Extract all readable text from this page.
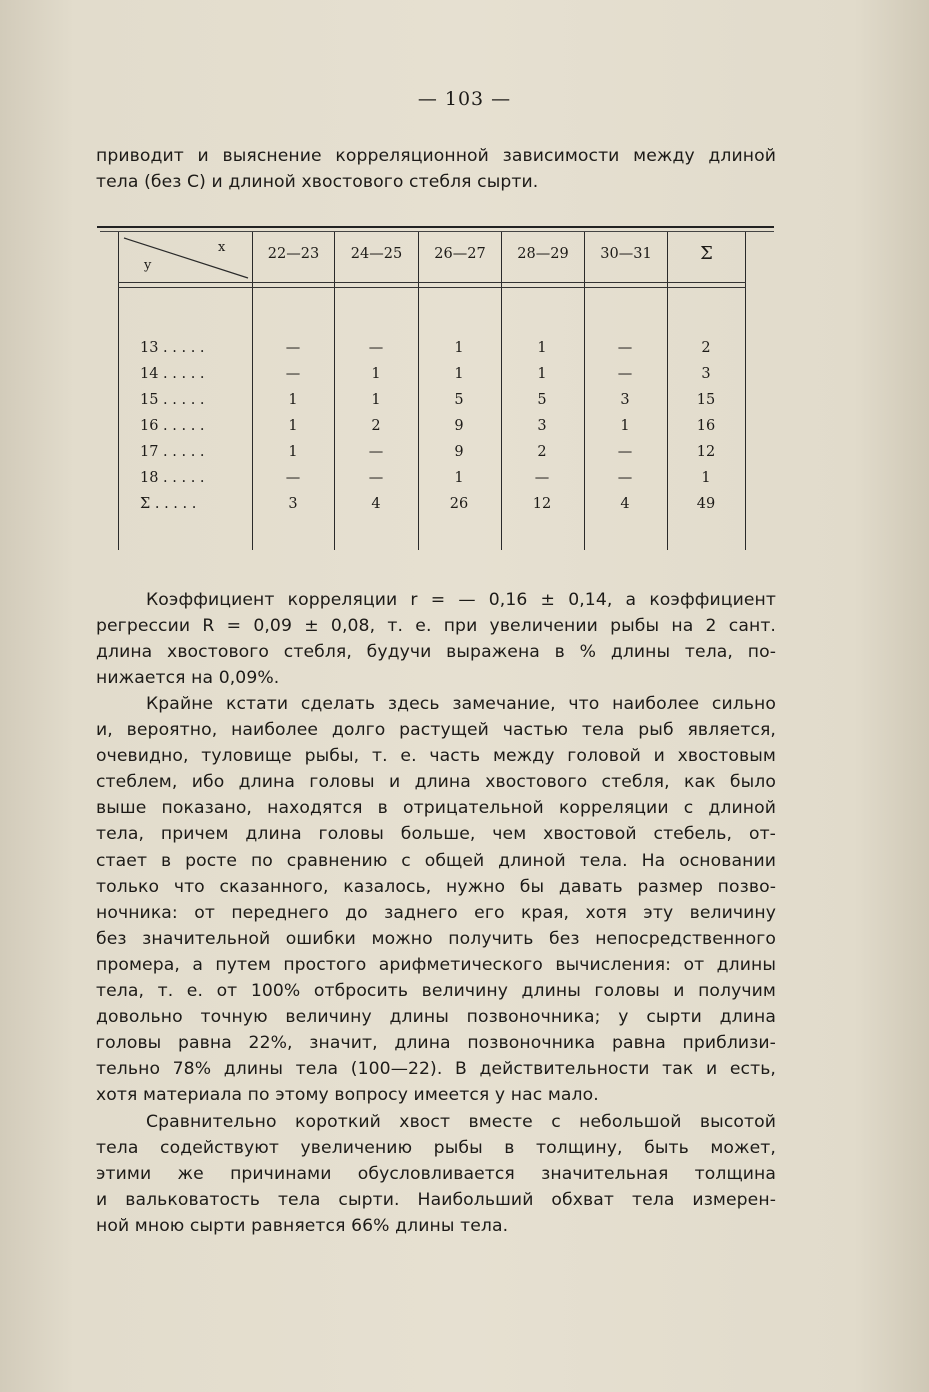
— 103 —
приводит и выяснение корреляционной зависимости между длиной
тела (без С) и длиной хвостового стебля сырти.
x
y
22—23	24—25	26—27	28—29	30—31	Σ
13 . . . . .	—	—	1	1	—	2
14 . . . . .	—	1	1	1	—	3
15 . . . . .	1	1	5	5	3	15
16 . . . . .	1	2	9	3	1	16
17 . . . . .	1	—	9	2	—	12
18 . . . . .	—	—	1	—	—	1
Σ . . . . .	3	4	26	12	4	49
Коэффициент корреляции r = — 0,16 ± 0,14, а коэффициент
регрессии R = 0,09 ± 0,08, т. е. при увеличении рыбы на 2 сант.
длина хвостового стебля, будучи выражена в % длины тела, по-
нижается на 0,09%.
Крайне кстати сделать здесь замечание, что наиболее сильно
и, вероятно, наиболее долго растущей частью тела рыб является,
очевидно, туловище рыбы, т. е. часть между головой и хвостовым
стеблем, ибо длина головы и длина хвостового стебля, как было
выше показано, находятся в отрицательной корреляции с длиной
тела, причем длина головы больше, чем хвостовой стебель, от-
стает в росте по сравнению с общей длиной тела. На основании
только что сказанного, казалось, нужно бы давать размер позво-
ночника: от переднего до заднего его края, хотя эту величину
без значительной ошибки можно получить без непосредственного
промера, а путем простого арифметического вычисления: от длины
тела, т. е. от 100% отбросить величину длины головы и получим
довольно точную величину длины позвоночника; у сырти длина
головы равна 22%, значит, длина позвоночника равна приблизи-
тельно 78% длины тела (100—22). В действительности так и есть,
хотя материала по этому вопросу имеется у нас мало.
Сравнительно короткий хвост вместе с небольшой высотой
тела содействуют увеличению рыбы в толщину, быть может,
этими же причинами обусловливается значительная толщина
и вальковатость тела сырти. Наибольший обхват тела измерен-
ной мною сырти равняется 66% длины тела.
